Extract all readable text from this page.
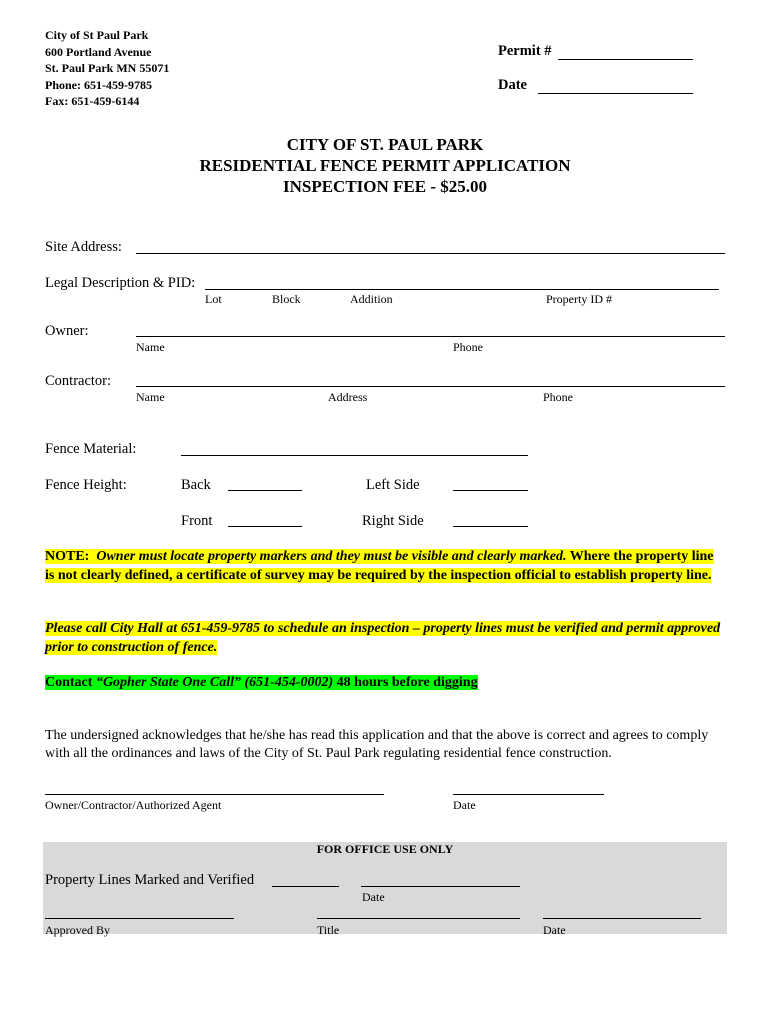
City of St Paul Park
600 Portland Avenue
St. Paul Park MN 55071
Phone: 651-459-9785
Fax: 651-459-6144
Permit #
Date
CITY OF ST. PAUL PARK
RESIDENTIAL FENCE PERMIT APPLICATION
INSPECTION FEE - $25.00
Site Address:
Legal Description & PID:
Lot	Block	Addition	Property ID #
Owner:
Name	Phone
Contractor:
Name	Address	Phone
Fence Material:
Fence Height:	Back	Left Side
Front	Right Side
NOTE: Owner must locate property markers and they must be visible and clearly marked. Where the property line is not clearly defined, a certificate of survey may be required by the inspection official to establish property line.
Please call City Hall at 651-459-9785 to schedule an inspection – property lines must be verified and permit approved prior to construction of fence.
Contact “Gopher State One Call” (651-454-0002) 48 hours before digging
The undersigned acknowledges that he/she has read this application and that the above is correct and agrees to comply with all the ordinances and laws of the City of St. Paul Park regulating residential fence construction.
Owner/Contractor/Authorized Agent	Date
FOR OFFICE USE ONLY
Property Lines Marked and Verified
Date
Approved By	Title	Date
